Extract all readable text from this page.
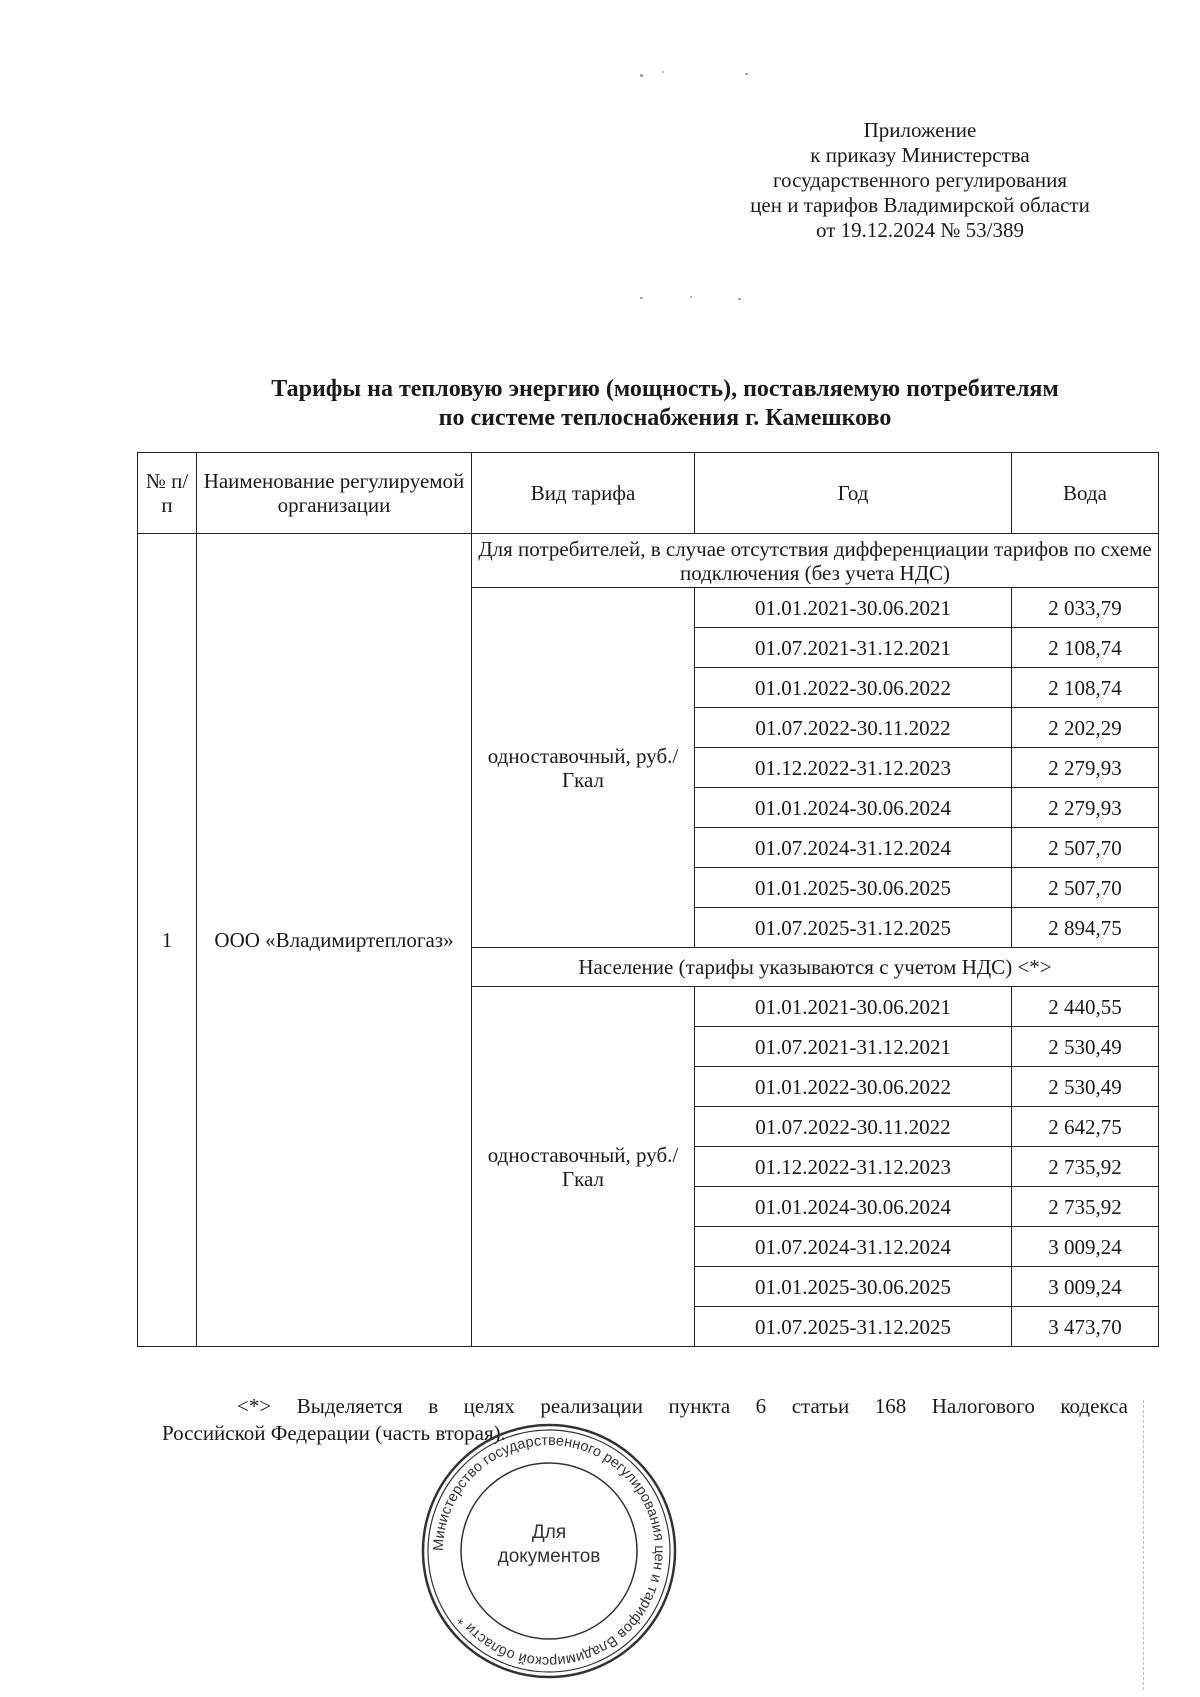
Приложение
к приказу Министерства
государственного регулирования
цен и тарифов Владимирской области
от 19.12.2024 № 53/389
Тарифы на тепловую энергию (мощность), поставляемую потребителям
по системе теплоснабжения г. Камешково
№ п/п	Наименование регулируемой организации	Вид тарифа	Год	Вода
1	ООО «Владимиртеплогаз»	Для потребителей, в случае отсутствия дифференциации тарифов по схеме подключения (без учета НДС)		
		одноставочный, руб./Гкал	01.01.2021-30.06.2021	2 033,79
			01.07.2021-31.12.2021	2 108,74
			01.01.2022-30.06.2022	2 108,74
			01.07.2022-30.11.2022	2 202,29
			01.12.2022-31.12.2023	2 279,93
			01.01.2024-30.06.2024	2 279,93
			01.07.2024-31.12.2024	2 507,70
			01.01.2025-30.06.2025	2 507,70
			01.07.2025-31.12.2025	2 894,75
		Население (тарифы указываются с учетом НДС) <*>		
		одноставочный, руб./Гкал	01.01.2021-30.06.2021	2 440,55
			01.07.2021-31.12.2021	2 530,49
			01.01.2022-30.06.2022	2 530,49
			01.07.2022-30.11.2022	2 642,75
			01.12.2022-31.12.2023	2 735,92
			01.01.2024-30.06.2024	2 735,92
			01.07.2024-31.12.2024	3 009,24
			01.01.2025-30.06.2025	3 009,24
			01.07.2025-31.12.2025	3 473,70
<*> Выделяется в целях реализации пункта 6 статьи 168 Налогового кодекса
Российской Федерации (часть вторая).
Министерство государственного регулирования цен и тарифов Владимирской области *
Для
документов
